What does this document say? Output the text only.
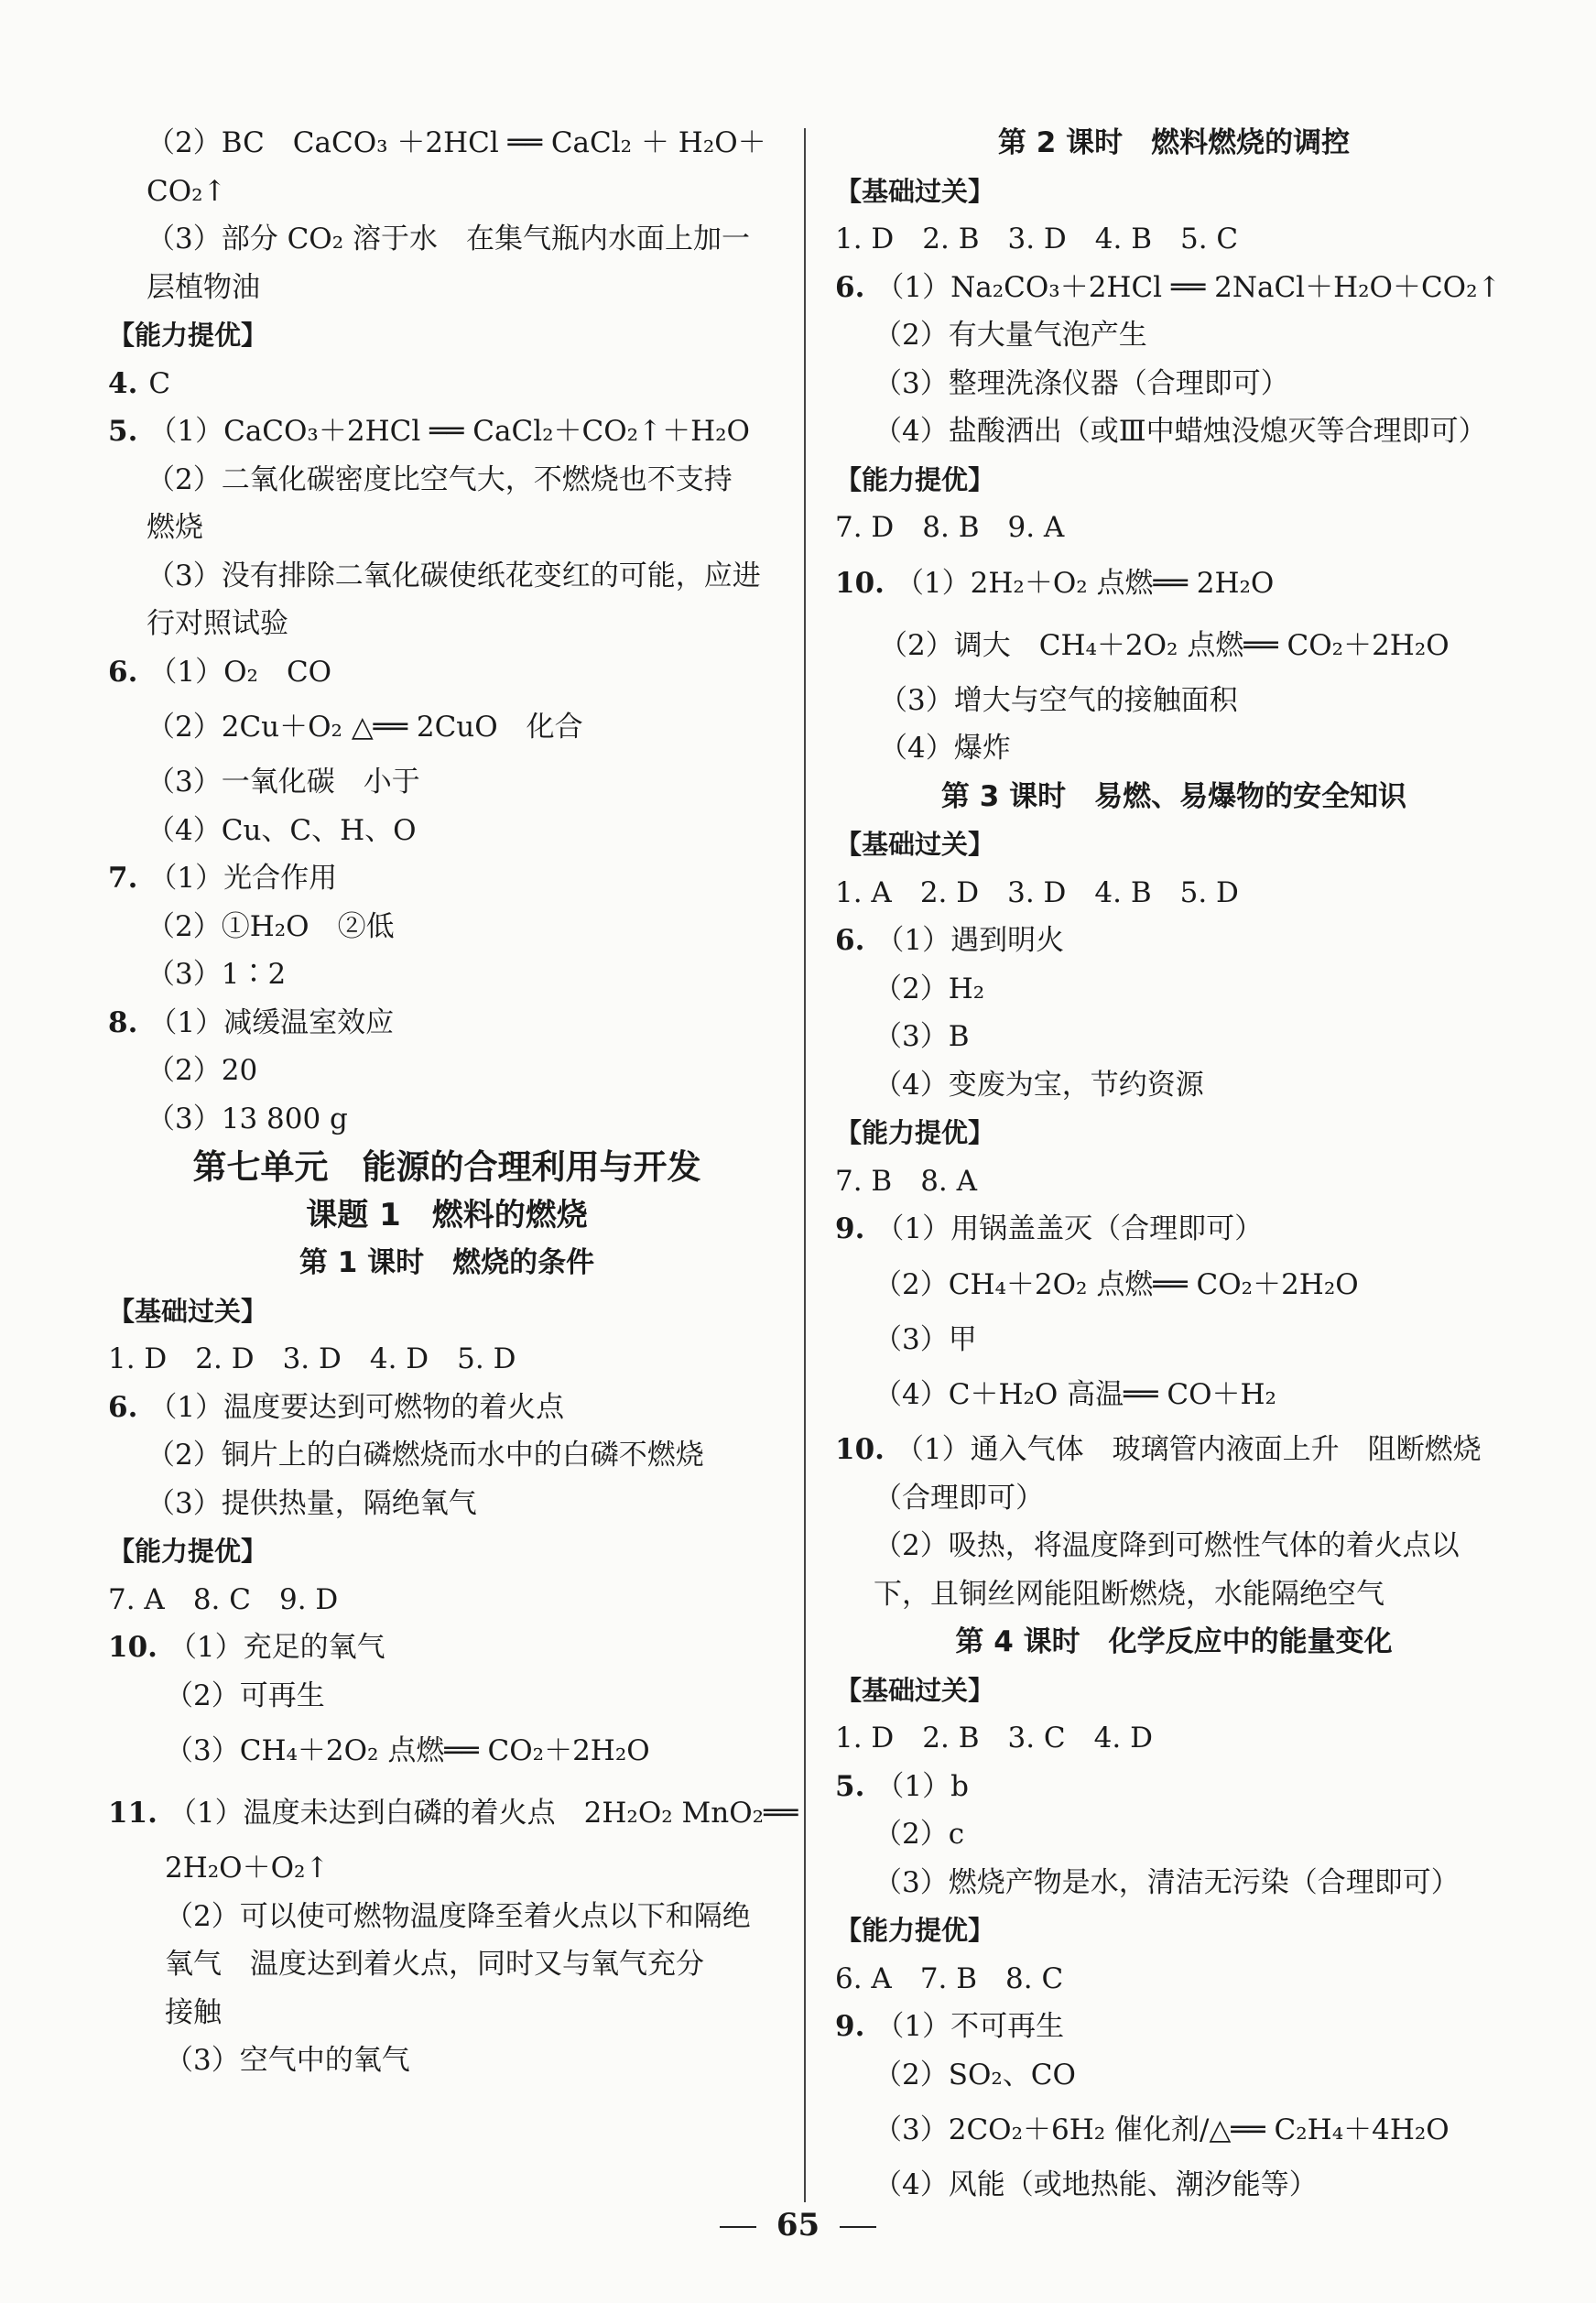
（2）BC　CaCO₃ ＋2HCl ══ CaCl₂ ＋ H₂O＋
CO₂↑
（3）部分 CO₂ 溶于水　在集气瓶内水面上加一
层植物油
【能力提优】
4. C
5. （1）CaCO₃＋2HCl ══ CaCl₂＋CO₂↑＋H₂O
（2）二氧化碳密度比空气大，不燃烧也不支持
燃烧
（3）没有排除二氧化碳使纸花变红的可能，应进
行对照试验
6. （1）O₂　CO
（2）2Cu＋O₂ △══ 2CuO　化合
（3）一氧化碳　小于
（4）Cu、C、H、O
7. （1）光合作用
（2）①H₂O　②低
（3）1∶2
8. （1）减缓温室效应
（2）20
（3）13 800 g
第七单元　能源的合理利用与开发
课题 1　燃料的燃烧
第 1 课时　燃烧的条件
【基础过关】
1. D　2. D　3. D　4. D　5. D
6. （1）温度要达到可燃物的着火点
（2）铜片上的白磷燃烧而水中的白磷不燃烧
（3）提供热量，隔绝氧气
【能力提优】
7. A　8. C　9. D
10. （1）充足的氧气
（2）可再生
（3）CH₄＋2O₂ 点燃══ CO₂＋2H₂O
11. （1）温度未达到白磷的着火点　2H₂O₂ MnO₂══
2H₂O＋O₂↑
（2）可以使可燃物温度降至着火点以下和隔绝
氧气　温度达到着火点，同时又与氧气充分
接触
（3）空气中的氧气
第 2 课时　燃料燃烧的调控
【基础过关】
1. D　2. B　3. D　4. B　5. C
6. （1）Na₂CO₃＋2HCl ══ 2NaCl＋H₂O＋CO₂↑
（2）有大量气泡产生
（3）整理洗涤仪器（合理即可）
（4）盐酸洒出（或Ⅲ中蜡烛没熄灭等合理即可）
【能力提优】
7. D　8. B　9. A
10. （1）2H₂＋O₂ 点燃══ 2H₂O
（2）调大　CH₄＋2O₂ 点燃══ CO₂＋2H₂O
（3）增大与空气的接触面积
（4）爆炸
第 3 课时　易燃、易爆物的安全知识
【基础过关】
1. A　2. D　3. D　4. B　5. D
6. （1）遇到明火
（2）H₂
（3）B
（4）变废为宝，节约资源
【能力提优】
7. B　8. A
9. （1）用锅盖盖灭（合理即可）
（2）CH₄＋2O₂ 点燃══ CO₂＋2H₂O
（3）甲
（4）C＋H₂O 高温══ CO＋H₂
10. （1）通入气体　玻璃管内液面上升　阻断燃烧
（合理即可）
（2）吸热，将温度降到可燃性气体的着火点以
下，且铜丝网能阻断燃烧，水能隔绝空气
第 4 课时　化学反应中的能量变化
【基础过关】
1. D　2. B　3. C　4. D
5. （1）b
（2）c
（3）燃烧产物是水，清洁无污染（合理即可）
【能力提优】
6. A　7. B　8. C
9. （1）不可再生
（2）SO₂、CO
（3）2CO₂＋6H₂ 催化剂/△══ C₂H₄＋4H₂O
（4）风能（或地热能、潮汐能等）
65
